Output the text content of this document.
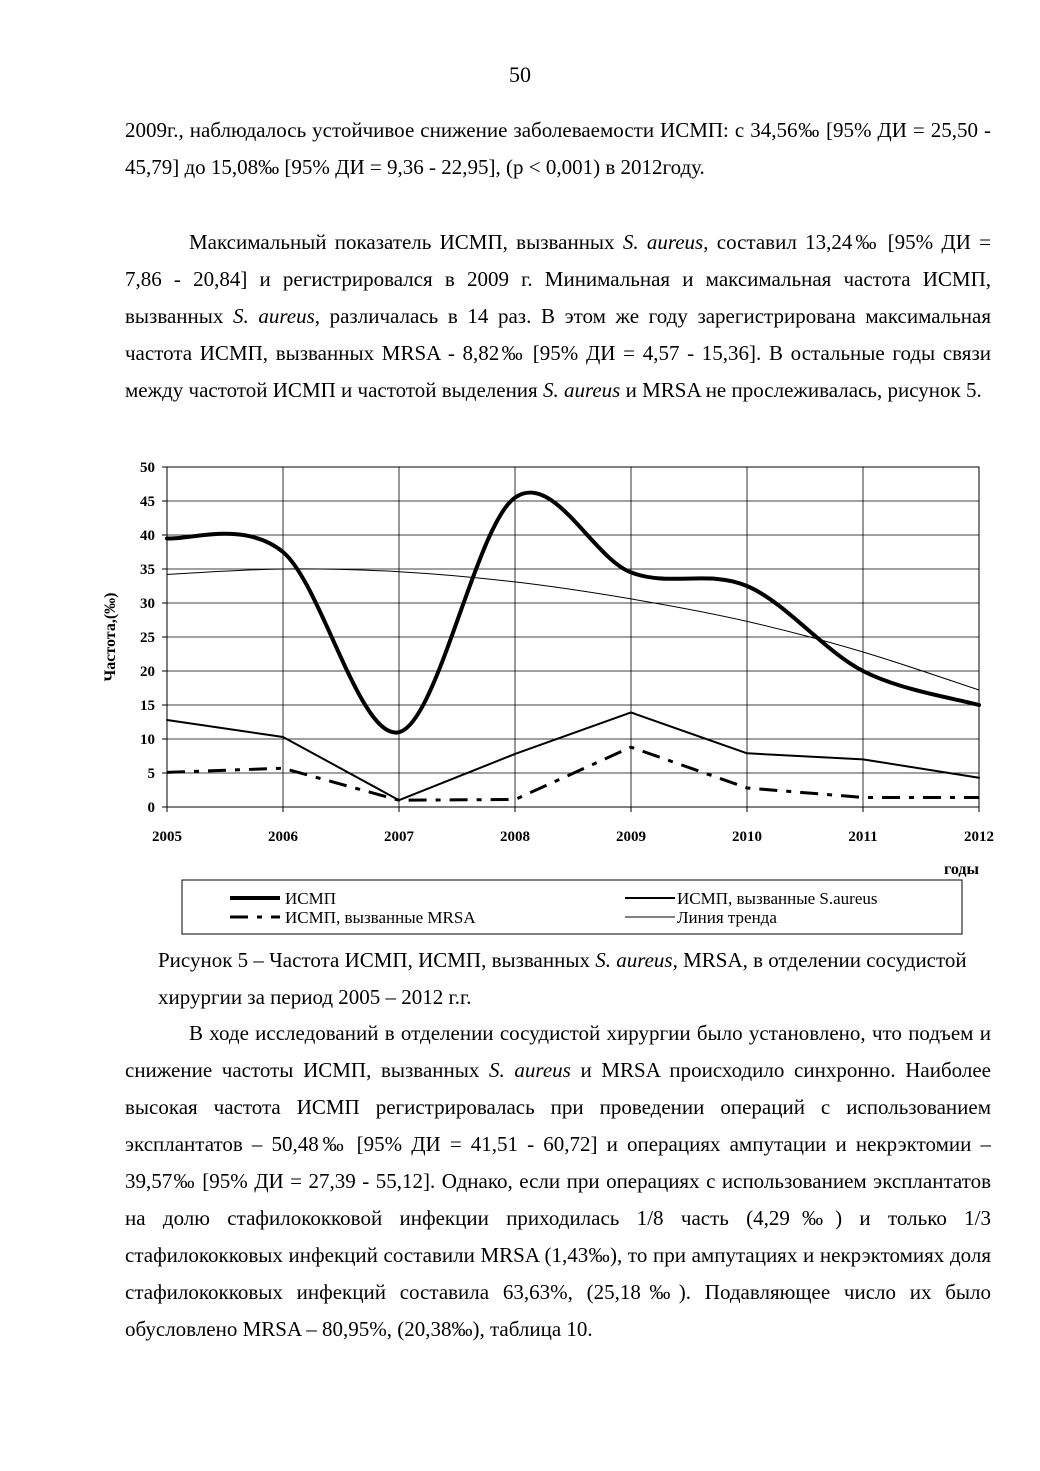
50

2009г., наблюдалось устойчивое снижение заболеваемости ИСМП: с 34,56‰ [95% ДИ = 25,50 - 45,79] до 15,08‰ [95% ДИ = 9,36 - 22,95], (р < 0,001) в 2012году.

Максимальный показатель ИСМП, вызванных S. aureus, составил 13,24‰ [95% ДИ = 7,86 - 20,84] и регистрировался в 2009 г. Минимальная и максимальная частота ИСМП, вызванных S. aureus, различалась в 14 раз. В этом же году зарегистрирована максимальная частота ИСМП, вызванных MRSA - 8,82‰ [95% ДИ = 4,57 - 15,36]. В остальные годы связи между частотой ИСМП и частотой выделения S. aureus и MRSA не прослеживалась, рисунок 5.

0
5
10
15
20
25
30
35
40
45
50
2005	2006	2007	2008	2009	2010	2011	2012
Частота,(‰)
годы
ИСМП
ИСМП, вызванные MRSA
ИСМП, вызванные S.aureus
Линия тренда

Рисунок 5 – Частота ИСМП, ИСМП, вызванных S. aureus, MRSA, в отделении сосудистой хирургии за период 2005 – 2012 г.г.

В ходе исследований в отделении сосудистой хирургии было установлено, что подъем и снижение частоты ИСМП, вызванных S. aureus и MRSA происходило синхронно. Наиболее высокая частота ИСМП регистрировалась при проведении операций с использованием эксплантатов – 50,48‰ [95% ДИ = 41,51 - 60,72] и операциях ампутации и некрэктомии – 39,57‰ [95% ДИ = 27,39 - 55,12]. Однако, если при операциях с использованием эксплантатов на долю стафилококковой инфекции приходилась 1/8 часть (4,29‰) и только 1/3 стафилококковых инфекций составили MRSA (1,43‰), то при ампутациях и некрэктомиях доля стафилококковых инфекций составила 63,63%, (25,18‰). Подавляющее число их было обусловлено MRSA – 80,95%, (20,38‰), таблица 10.
